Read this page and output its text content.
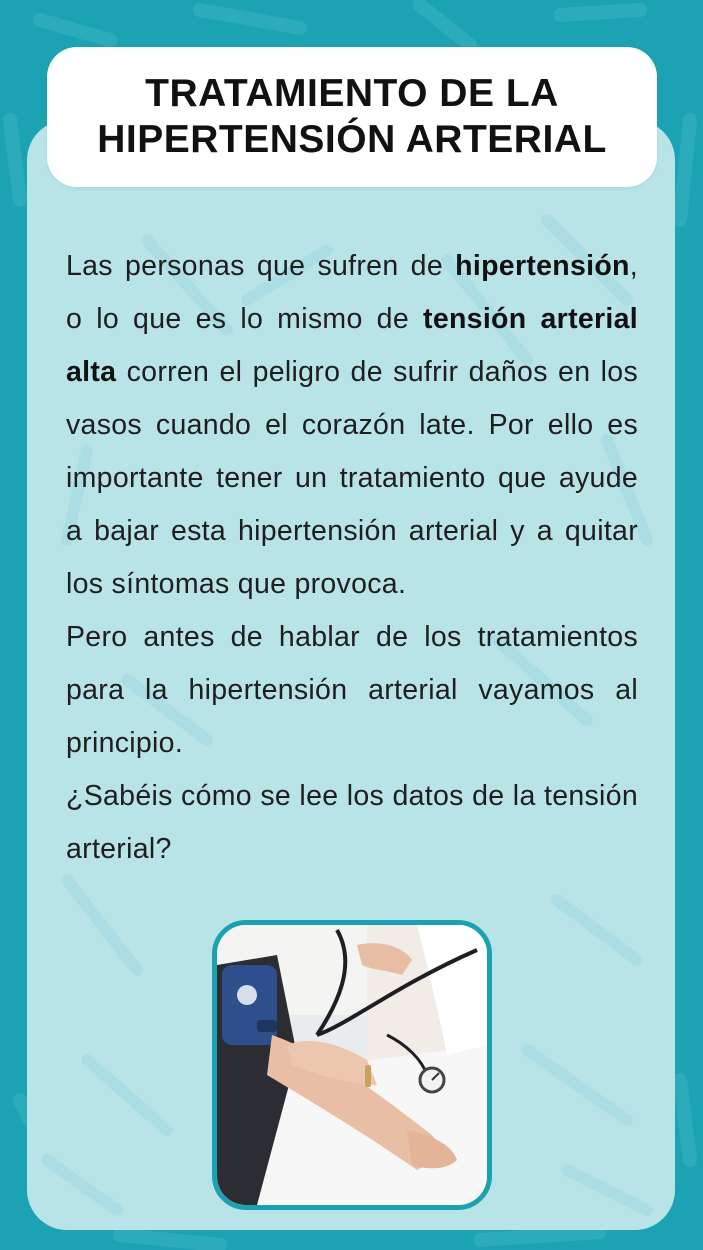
TRATAMIENTO DE LA
HIPERTENSIÓN ARTERIAL

Las personas que sufren de hipertensión, o lo que es lo mismo de tensión arterial alta corren el peligro de sufrir daños en los vasos cuando el corazón late. Por ello es importante tener un tratamiento que ayude a bajar esta hipertensión arterial y a quitar los síntomas que provoca.

Pero antes de hablar de los tratamientos para la hipertensión arterial vayamos al principio.

¿Sabéis cómo se lee los datos de la tensión arterial?
